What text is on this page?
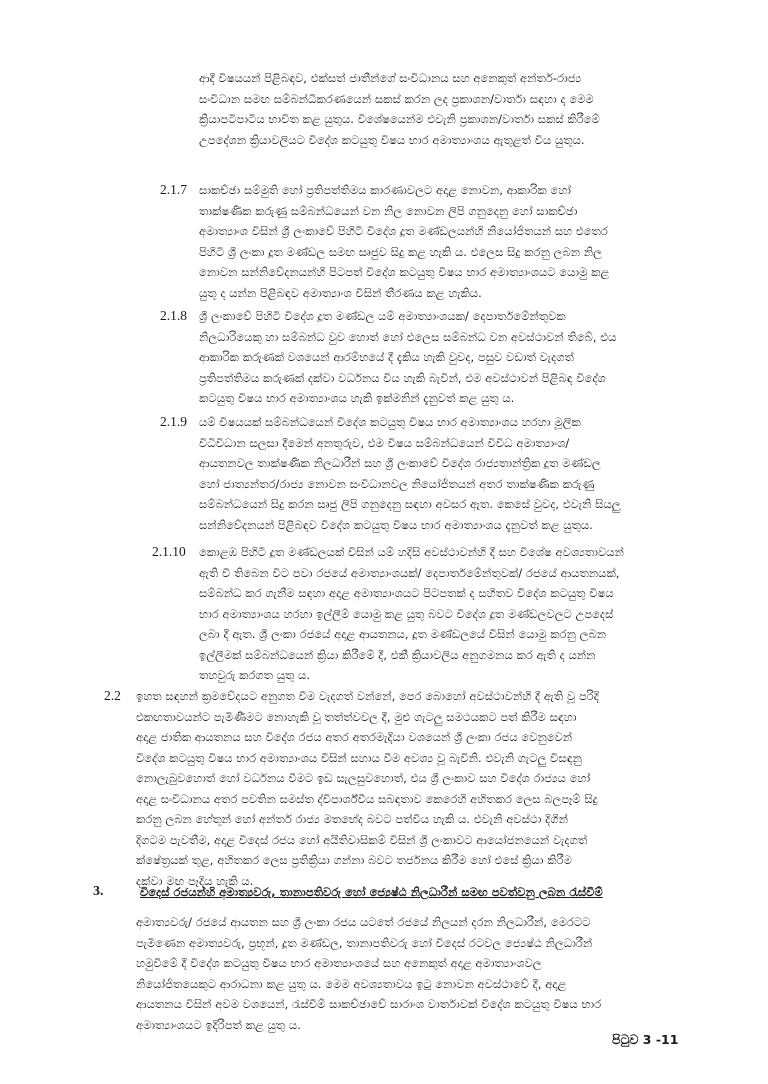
ආදී විෂයයන් පිළිබඳව, එක්සත් ජාතීන්ගේ සංවිධානය සහ අනෙකුත් අන්තර්-රාජ්‍ය
සංවිධාන සමඟ සම්බන්ධීකරණයෙන් සකස් කරන ලද ප්‍රකාශන/වාර්තා සඳහා ද මෙම
ක්‍රියාපටිපාටිය භාවිත කළ යුතුය. විශේෂයෙන්ම එවැනි ප්‍රකාශන/වාර්තා සකස් කිරීමේ
උපදේශන ක්‍රියාවලියට විදේශ කටයුතු විෂය භාර අමාත්‍යාංශය ඇතුළත් විය යුතුය.
2.1.7 සාකච්ඡා සම්මුති හෝ ප්‍රතිපත්තිමය කාරණාවලට අදාළ නොවන, ආකාරික හෝ
තාක්ෂණික කරුණු සම්බන්ධයෙන් වන නිල නොවන ලිපි ගනුදෙනු හෝ සාකච්ඡා
අමාත්‍යාංශ විසින් ශ්‍රී ලංකාවේ පිහිටි විදේශ දූත මණ්ඩලයන්හි නියෝජිතයන් සහ එතෙර
පිහිටි ශ්‍රී ලංකා දූත මණ්ඩල සමඟ සෘජුව සිදු කළ හැකි ය. එලෙස සිදු කරනු ලබන නිල
නොවන සන්නිවේදනයන්හි පිටපත් විදේශ කටයුතු විෂය භාර අමාත්‍යාංශයට යොමු කළ
යුතු ද යන්න පිළිබඳව අමාත්‍යාංශ විසින් තීරණය කළ හැකිය.
2.1.8 ශ්‍රී ලංකාවේ පිහිටි විදේශ දූත මණ්ඩල යම් අමාත්‍යාංශයක/ දෙපාර්තමේන්තුවක
නිලධාරියෙකු හා සම්බන්ධ වුව හොත් හෝ එලෙස සම්බන්ධ වන අවස්ථාවන් තිබේ, එය
ආකාරික කරුණක් වශයෙන් ආරම්භයේ දී දැකිය හැකි වුවද, පසුව වඩාත් වැදගත්
ප්‍රතිපත්තිමය කරුණක් දක්වා වර්ධනය විය හැකි බැවින්, එම අවස්ථාවන් පිළිබඳ විදේශ
කටයුතු විෂය භාර අමාත්‍යාංශය හැකි ඉක්මනින් දැනුවත් කළ යුතු ය.
2.1.9 යම් විෂයයක් සම්බන්ධයෙන් විදේශ කටයුතු විෂය භාර අමාත්‍යාංශය හරහා මූලික
විධිවිධාන සලසා දීමෙන් අනතුරුව, එම විෂය සම්බන්ධයෙන් විවිධ අමාත්‍යාංශ/
ආයතනවල තාක්ෂණික නිලධාරීන් සහ ශ්‍රී ලංකාවේ විදේශ රාජ්‍යතාන්ත්‍රික දූත මණ්ඩල
හෝ ජාත්‍යන්තර/රාජ්‍ය නොවන සංවිධානවල නියෝජිතයන් අතර තාක්ෂණික කරුණු
සම්බන්ධයෙන් සිදු කරන සෘජු ලිපි ගනුදෙනු සඳහා අවසර ඇත. කෙසේ වුවද, එවැනි සියලු
සන්නිවේදනයන් පිළිබඳව විදේශ කටයුතු විෂය භාර අමාත්‍යාංශය දැනුවත් කළ යුතුය.
2.1.10 කොළඹ පිහිටි දූත මණ්ඩලයක් විසින් යම් හදිසි අවස්ථාවන්හි දී සහ විශේෂ අවශ්‍යතාවයන්
ඇති වී තිබෙන විට පවා රජයේ අමාත්‍යාංශයක්/ දෙපාර්තමේන්තුවක්/ රජයේ ආයතනයක්,
සම්බන්ධ කර ගැනීම සඳහා අදාළ අමාත්‍යාංශයට පිටපතක් ද සහිතව විදේශ කටයුතු විෂය
භාර අමාත්‍යාංශය හරහා ඉල්ලීම් යොමු කළ යුතු බවට විදේශ දූත මණ්ඩලවලට උපදෙස්
ලබා දී ඇත. ශ්‍රී ලංකා රජයේ අදාළ ආයතනය, දූත මණ්ඩලයේ විසින් යොමු කරනු ලබන
ඉල්ලීමක් සම්බන්ධයෙන් ක්‍රියා කිරීමේ දී, එකී ක්‍රියාවලිය අනුගමනය කර ඇති ද යන්න
තහවුරු කරගත යුතු ය.
2.2 ඉහත සඳහන් ක්‍රමවේදයට අනුගත වීම වැදගත් වන්නේ, පෙර බොහෝ අවස්ථාවන්හි දී ඇති වූ පරිදි
එකඟතාවයන්ට පැමිණීමට නොහැකි වූ තත්ත්වවල දී, මුළු ගැටලු සමථයකට පත් කිරීම සඳහා
අදාළ ජාතික ආයතනය සහ විදේශ රජය අතර අතරමැදියා වශයෙන් ශ්‍රී ලංකා රජය වෙනුවෙන්
විදේශ කටයුතු විෂය භාර අමාත්‍යාංශය විසින් සහාය වීම අවශ්‍ය වූ බැවිනි. එවැනි ගැටලු විසඳනු
නොලැබුවහොත් හෝ වර්ධනය වීමට ඉඩ සැලසුවහොත්, එය ශ්‍රී ලංකාව සහ විදේශ රාජ්‍යය හෝ
අදාළ සංවිධානය අතර පවතින සමස්ත ද්විපාර්ශ්වීය සබඳතාව කෙරෙහි අහිතකර ලෙස බලපෑම් සිදු
කරනු ලබන හේතුන් හෝ අන්තර් රාජ්‍ය මතභේද බවට පත්විය හැකි ය. එවැනි අවස්ථා දිගින්
දිගටම පැවතීම, අදාළ විදෙස් රජය හෝ අයිතිවාසිකම් විසින් ශ්‍රී ලංකාවට ආයෝජනයෙන් වැදගත්
ක්ෂේත්‍රයක් තුළ, අහිතකර ලෙස ප්‍රතික්‍රියා ගන්නා බවට තර්ජනය කිරීම හෝ එසේ ක්‍රියා කිරීම
දක්වා මඟ පෑදිය හැකි ය.
3.	විදෙස් රජයන්හි අමාත්‍යවරු, තානාපතිවරු හෝ ජ්‍යෙෂ්ඨ නිලධාරීන් සමඟ පවත්වනු ලබන රැස්වීම්
අමාත්‍යවරු/ රජයේ ආයතන සහ ශ්‍රී ලංකා රජය යටතේ රජයේ නිලයන් දරන නිලධාරීන්, මෙරටට
පැමිණෙන අමාත්‍යවරු, ප්‍රභූන්, දූත මණ්ඩල, තානාපතිවරු හෝ විදෙස් රටවල ජ්‍යෙෂ්ඨ නිලධාරීන්
හමුවීමේ දී විදේශ කටයුතු විෂය භාර අමාත්‍යාංශයේ සහ අනෙකුත් අදාළ අමාත්‍යාංශවල
නියෝජිතයෙකුට ආරාධනා කළ යුතු ය. මෙම අවශ්‍යතාවය ඉටු නොවන අවස්ථාවේ දී, අදාළ
ආයතනය විසින් අවම වශයෙන්, රැස්වීම් සාකච්ඡාවේ සාරාංශ වාර්තාවක් විදේශ කටයුතු විෂය භාර
අමාත්‍යාංශයට ඉදිරිපත් කළ යුතු ය.
පිටුව 3 -11
